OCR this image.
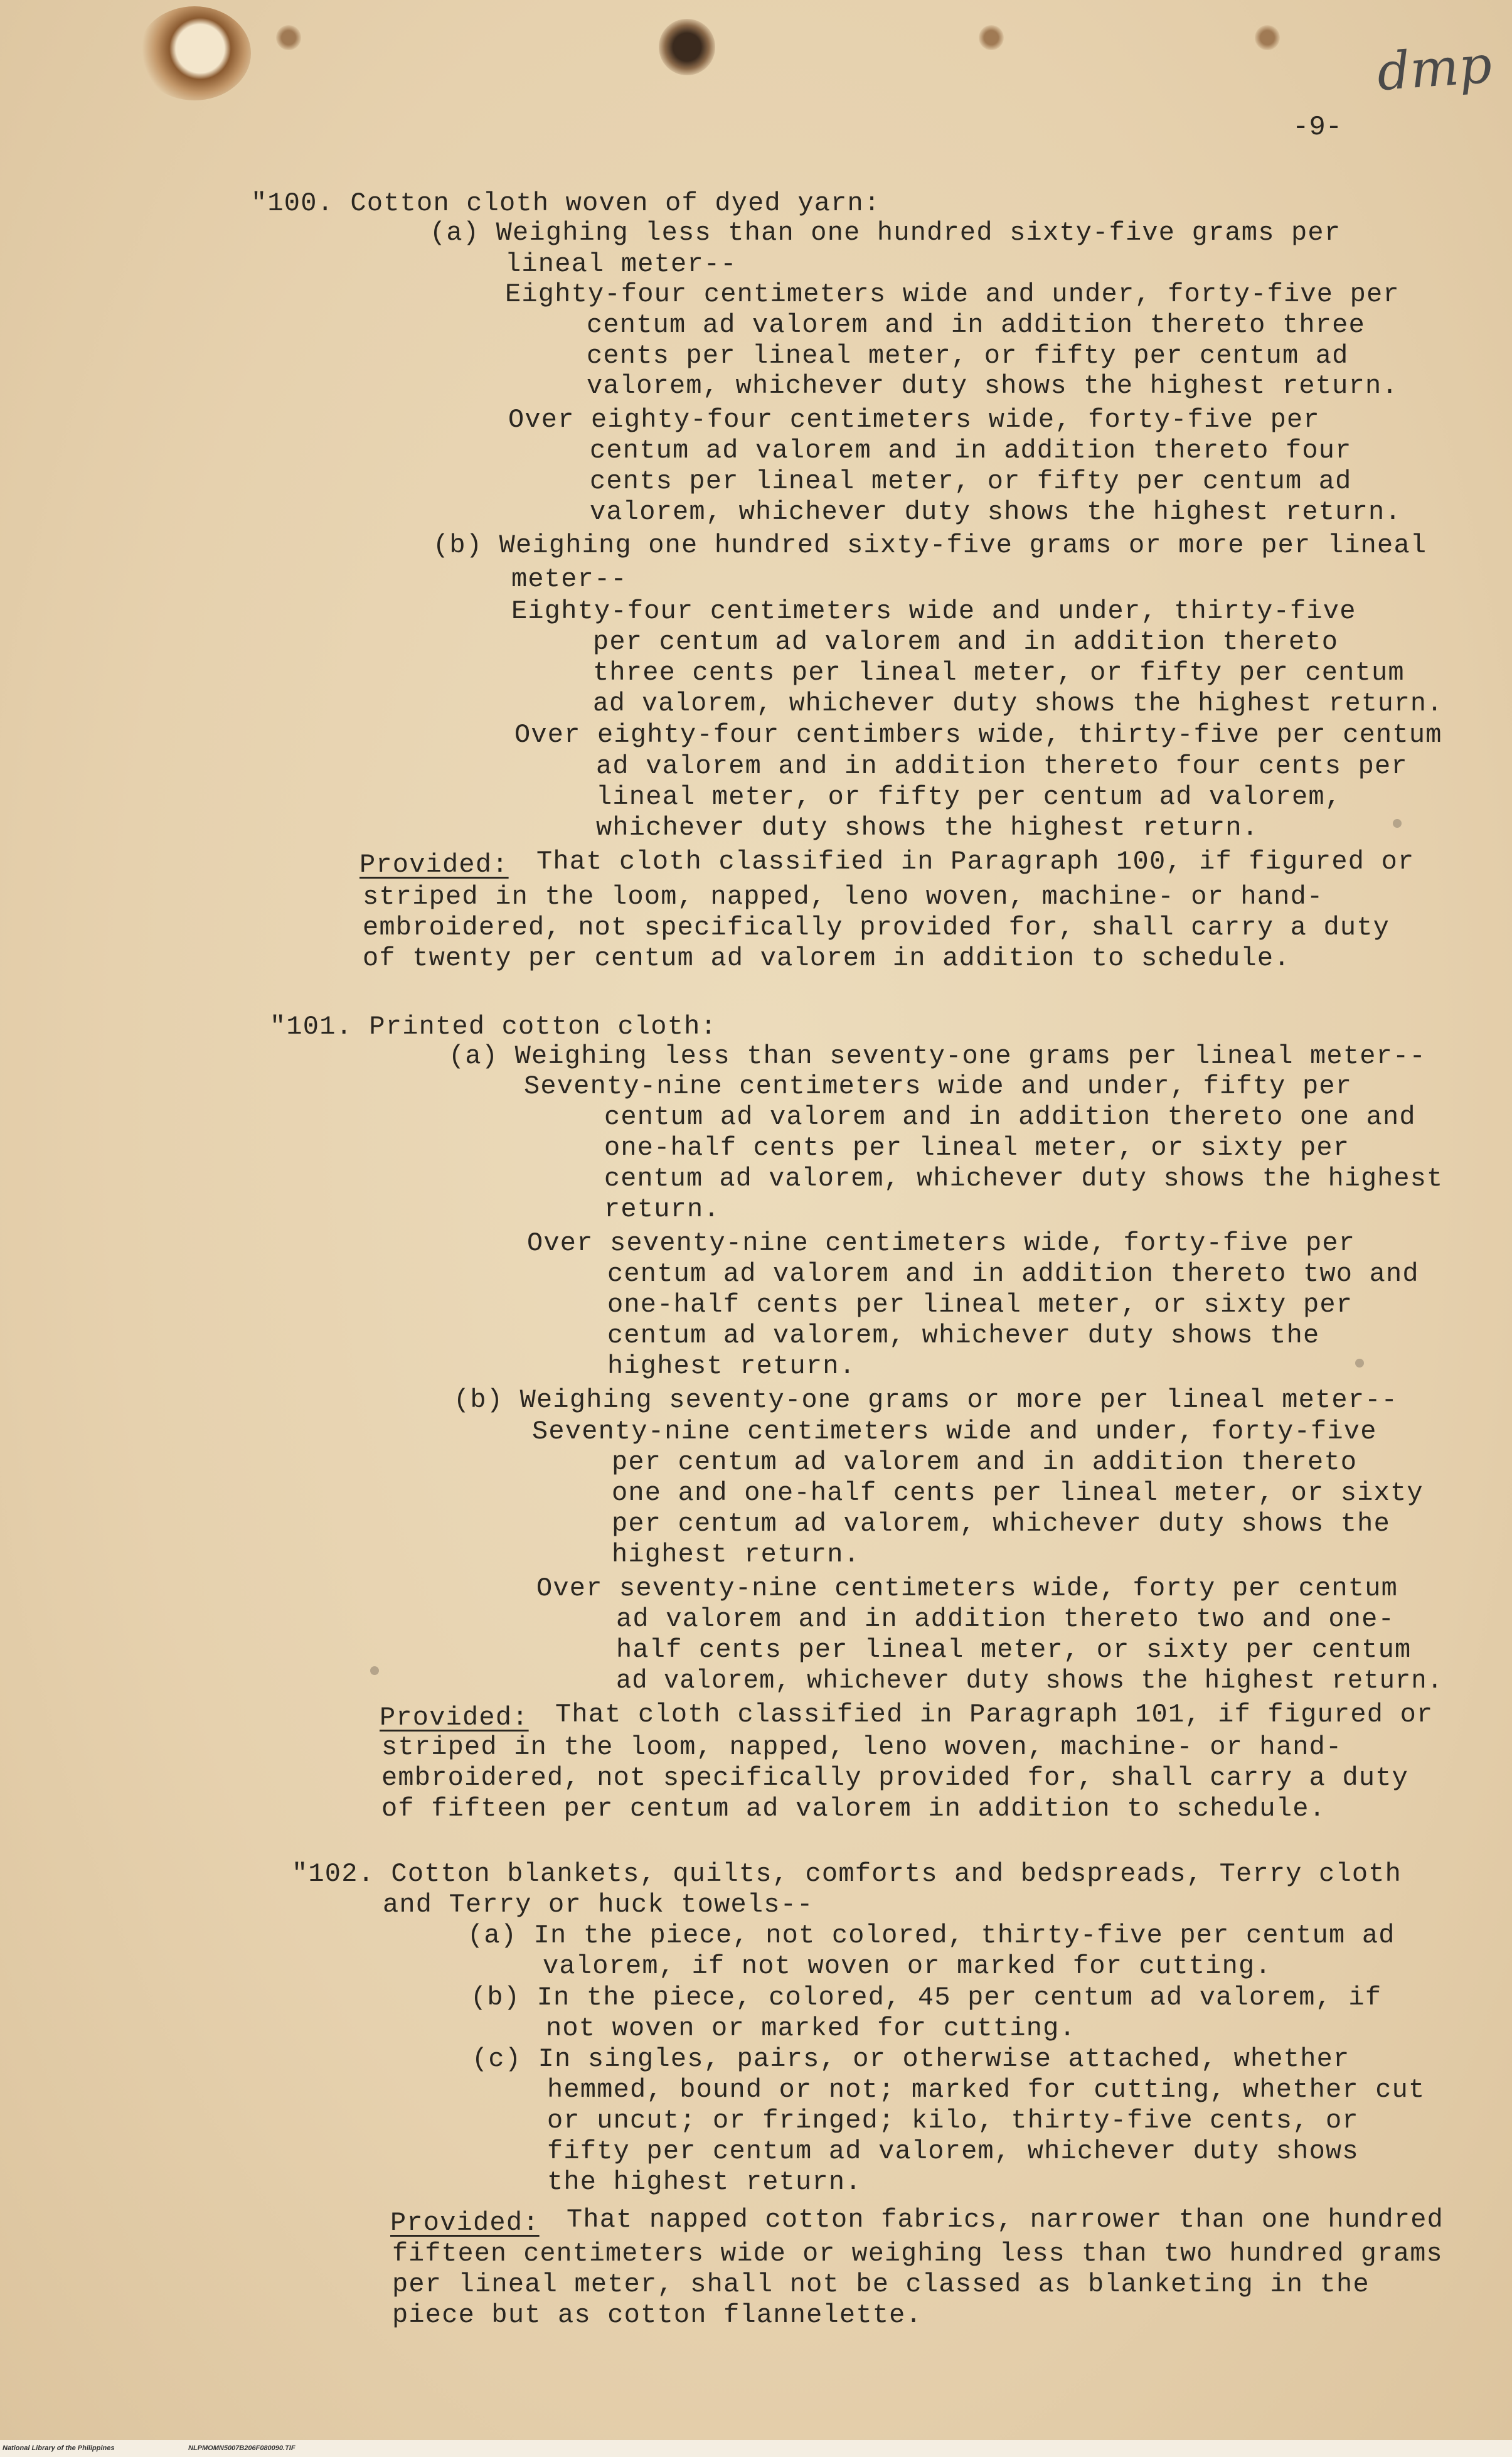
dmp
-9-
"100. Cotton cloth woven of dyed yarn:
(a) Weighing less than one hundred sixty-five grams per
lineal meter--
Eighty-four centimeters wide and under, forty-five per
centum ad valorem and in addition thereto three
cents per lineal meter, or fifty per centum ad
valorem, whichever duty shows the highest return.
Over eighty-four centimeters wide, forty-five per
centum ad valorem and in addition thereto four
cents per lineal meter, or fifty per centum ad
valorem, whichever duty shows the highest return.
(b) Weighing one hundred sixty-five grams or more per lineal
meter--
Eighty-four centimeters wide and under, thirty-five
per centum ad valorem and in addition thereto
three cents per lineal meter, or fifty per centum
ad valorem, whichever duty shows the highest return.
Over eighty-four centimbers wide, thirty-five per centum
ad valorem and in addition thereto four cents per
lineal meter, or fifty per centum ad valorem,
whichever duty shows the highest return.
Provided: That cloth classified in Paragraph 100, if figured or
striped in the loom, napped, leno woven, machine- or hand-
embroidered, not specifically provided for, shall carry a duty
of twenty per centum ad valorem in addition to schedule.
"101. Printed cotton cloth:
(a) Weighing less than seventy-one grams per lineal meter--
Seventy-nine centimeters wide and under, fifty per
centum ad valorem and in addition thereto one and
one-half cents per lineal meter, or sixty per
centum ad valorem, whichever duty shows the highest
return.
Over seventy-nine centimeters wide, forty-five per
centum ad valorem and in addition thereto two and
one-half cents per lineal meter, or sixty per
centum ad valorem, whichever duty shows the
highest return.
(b) Weighing seventy-one grams or more per lineal meter--
Seventy-nine centimeters wide and under, forty-five
per centum ad valorem and in addition thereto
one and one-half cents per lineal meter, or sixty
per centum ad valorem, whichever duty shows the
highest return.
Over seventy-nine centimeters wide, forty per centum
ad valorem and in addition thereto two and one-
half cents per lineal meter, or sixty per centum
ad valorem, whichever duty shows the highest return.
Provided: That cloth classified in Paragraph 101, if figured or
striped in the loom, napped, leno woven, machine- or hand-
embroidered, not specifically provided for, shall carry a duty
of fifteen per centum ad valorem in addition to schedule.
"102. Cotton blankets, quilts, comforts and bedspreads, Terry cloth
and Terry or huck towels--
(a) In the piece, not colored, thirty-five per centum ad
valorem, if not woven or marked for cutting.
(b) In the piece, colored, 45 per centum ad valorem, if
not woven or marked for cutting.
(c) In singles, pairs, or otherwise attached, whether
hemmed, bound or not; marked for cutting, whether cut
or uncut; or fringed; kilo, thirty-five cents, or
fifty per centum ad valorem, whichever duty shows
the highest return.
Provided: That napped cotton fabrics, narrower than one hundred
fifteen centimeters wide or weighing less than two hundred grams
per lineal meter, shall not be classed as blanketing in the
piece but as cotton flannelette.
National Library of the Philippines	NLPMOMN5007B206F080090.TIF
